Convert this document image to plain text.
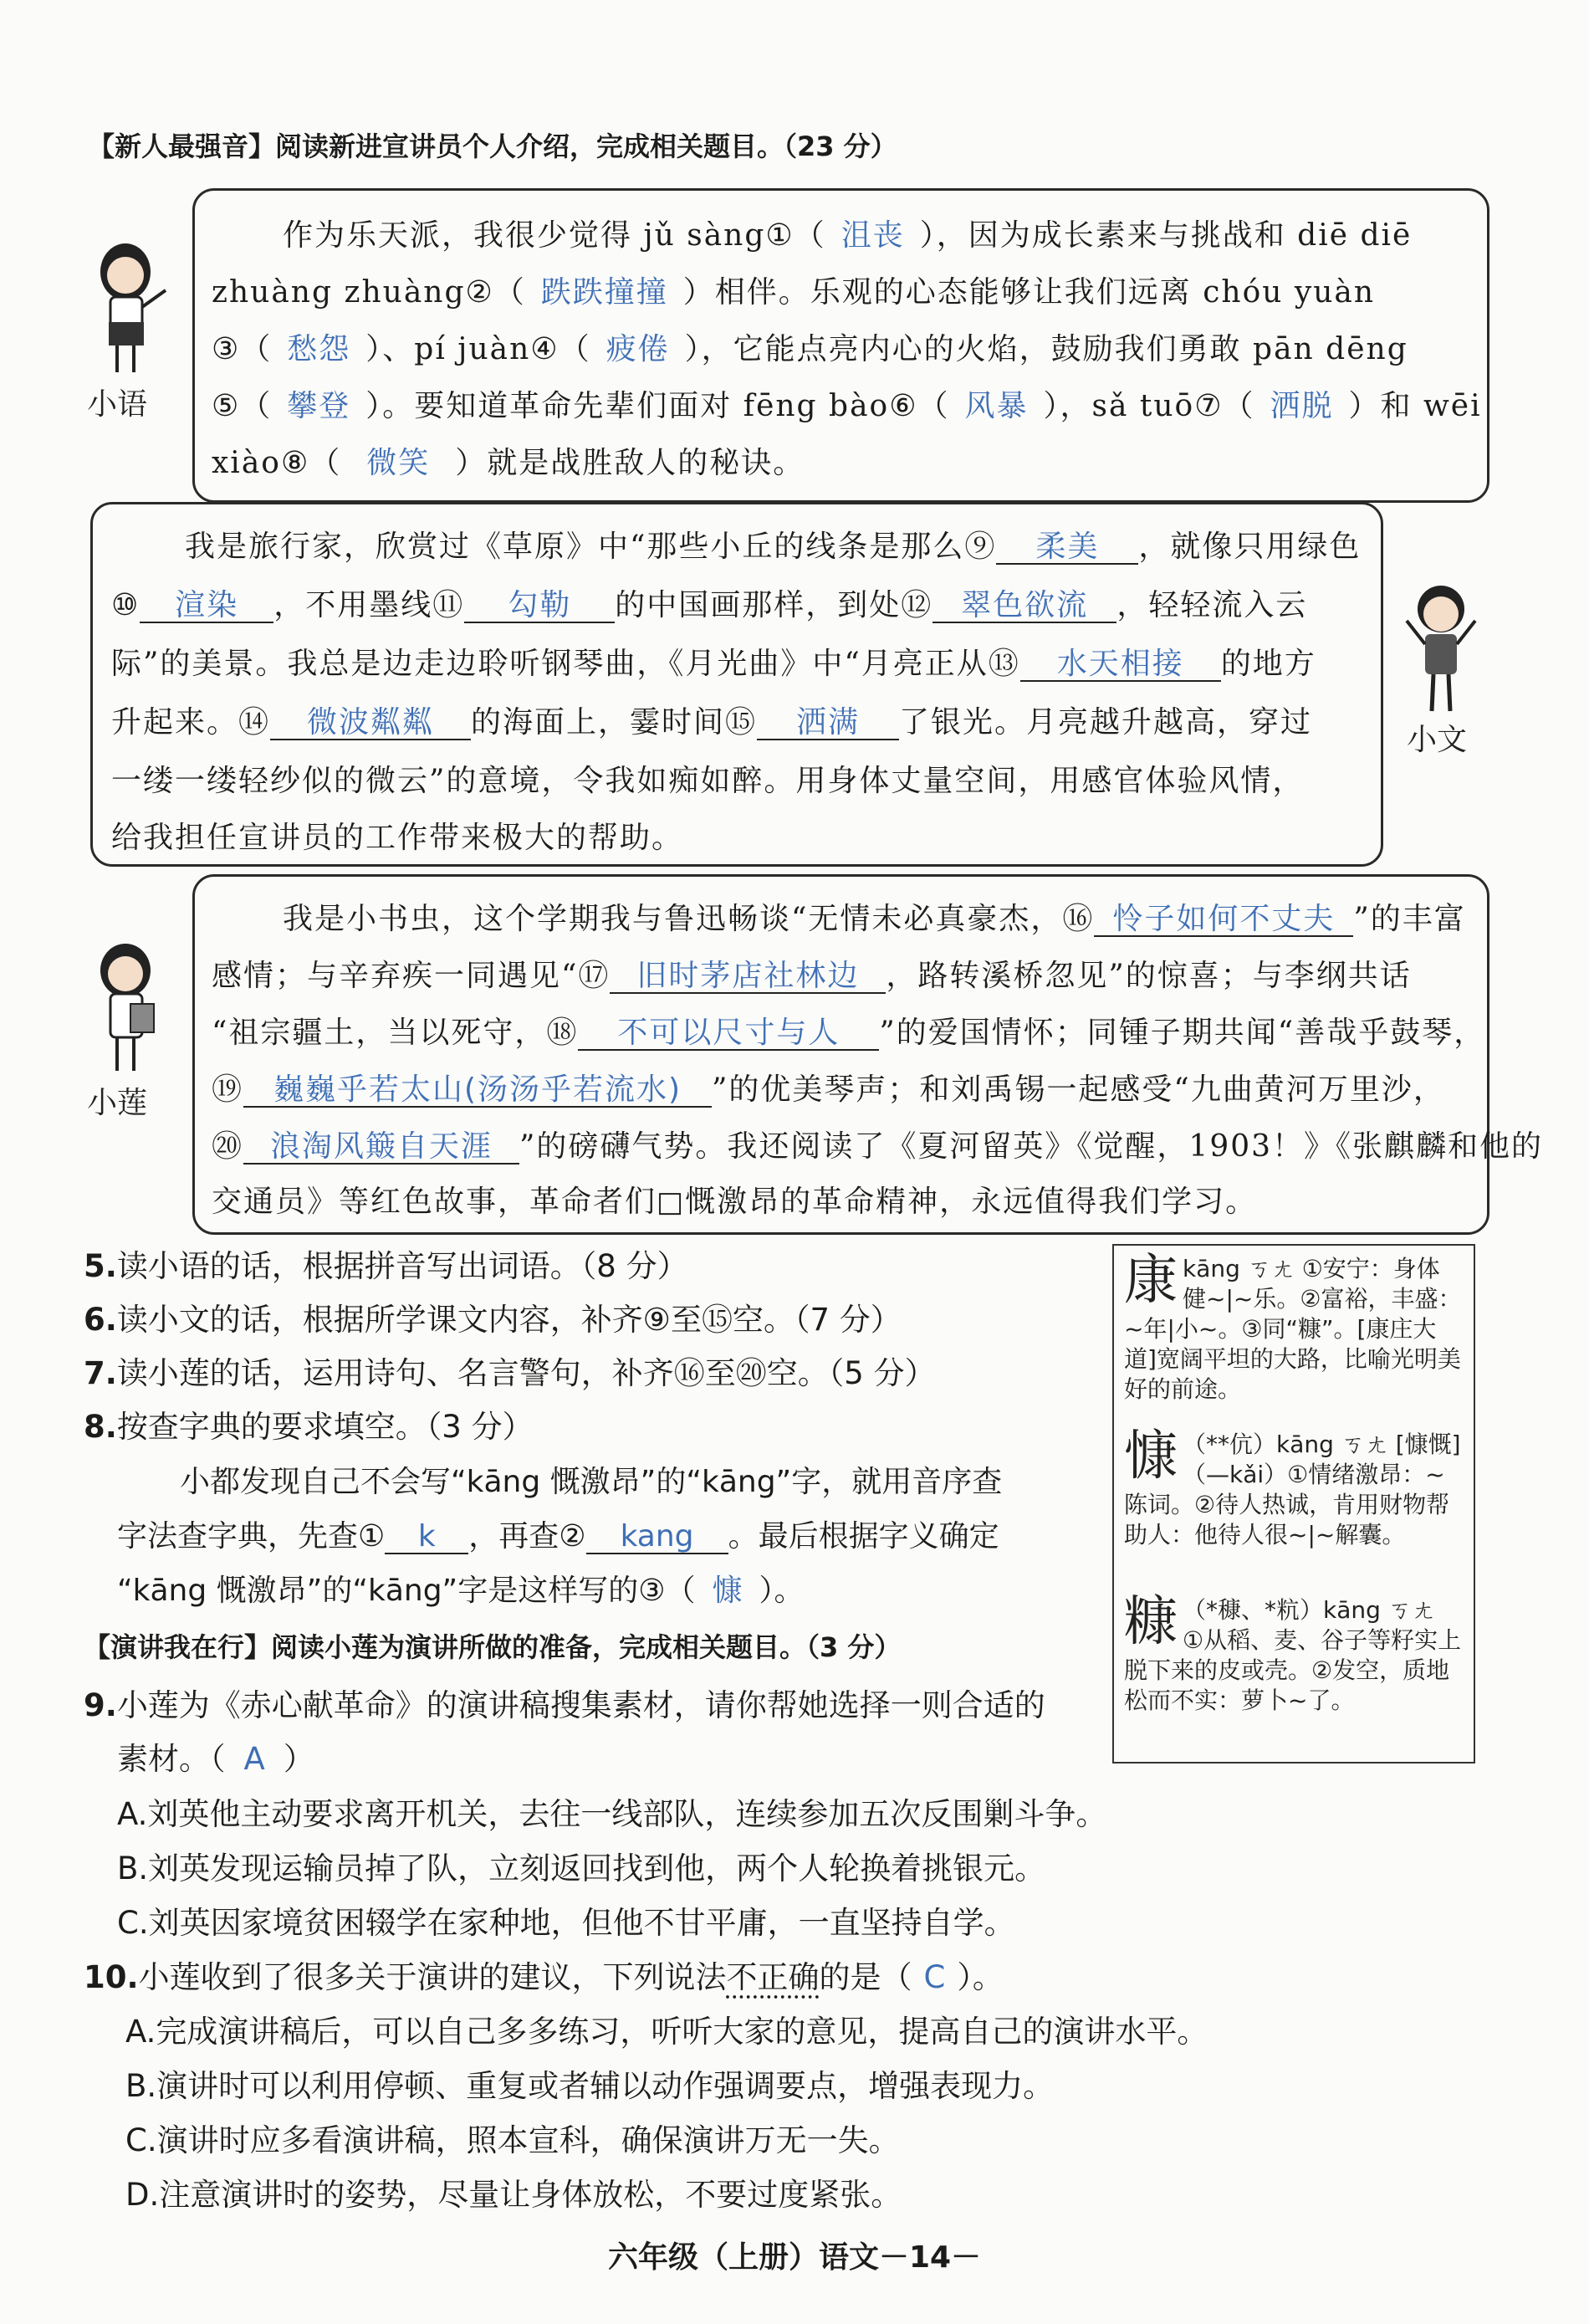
【新人最强音】阅读新进宣讲员个人介绍，完成相关题目。（23 分）
小语
作为乐天派，我很少觉得 jǔ sàng①（ 沮丧 ），因为成长素来与挑战和 diē diē
zhuàng zhuàng②（ 跌跌撞撞 ）相伴。乐观的心态能够让我们远离 chóu yuàn
③（ 愁怨 ）、pí juàn④（ 疲倦 ），它能点亮内心的火焰，鼓励我们勇敢 pān dēng
⑤（ 攀登 ）。要知道革命先辈们面对 fēng bào⑥（ 风暴 ），sǎ tuō⑦（ 洒脱 ）和 wēi
xiào⑧（ 微笑 ）就是战胜敌人的秘诀。
我是旅行家，欣赏过《草原》中“那些小丘的线条是那么⑨ 柔美 ，就像只用绿色
⑩ 渲染 ，不用墨线⑪ 勾勒 的中国画那样，到处⑫ 翠色欲流 ，轻轻流入云
际”的美景。我总是边走边聆听钢琴曲，《月光曲》中“月亮正从⑬ 水天相接 的地方
升起来。⑭ 微波粼粼 的海面上，霎时间⑮ 洒满 了银光。月亮越升越高，穿过
一缕一缕轻纱似的微云”的意境，令我如痴如醉。用身体丈量空间，用感官体验风情，
给我担任宣讲员的工作带来极大的帮助。
小文
小莲
我是小书虫，这个学期我与鲁迅畅谈“无情未必真豪杰，⑯ 怜子如何不丈夫 ”的丰富
感情；与辛弃疾一同遇见“⑰ 旧时茅店社林边 ，路转溪桥忽见”的惊喜；与李纲共话
“祖宗疆土，当以死守，⑱ 不可以尺寸与人 ”的爱国情怀；同锺子期共闻“善哉乎鼓琴，
⑲ 巍巍乎若太山(汤汤乎若流水) ”的优美琴声；和刘禹锡一起感受“九曲黄河万里沙，
⑳ 浪淘风簸自天涯 ”的磅礴气势。我还阅读了《夏河留英》《觉醒，1903！》《张麒麟和他的
交通员》等红色故事，革命者们□慨激昂的革命精神，永远值得我们学习。
5.读小语的话，根据拼音写出词语。（8 分）
6.读小文的话，根据所学课文内容，补齐⑨至⑮空。（7 分）
7.读小莲的话，运用诗句、名言警句，补齐⑯至⑳空。（5 分）
8.按查字典的要求填空。（3 分）
小都发现自己不会写“kāng 慨激昂”的“kāng”字，就用音序查
字法查字典，先查① k ，再查② kang 。最后根据字义确定
“kāng 慨激昂”的“kāng”字是这样写的③（ 慷 ）。
康kāng ㄎㄤ ①安宁：身体健~|~乐。②富裕，丰盛：~年|小~。③同“糠”。[康庄大道]宽阔平坦的大路，比喻光明美好的前途。
慷 （**伉）kāng ㄎㄤ [慷慨]（—kǎi）①情绪激昂：~陈词。②待人热诚，肯用财物帮助人：他待人很~|~解囊。
糠 （*穅、*粇）kāng ㄎㄤ ①从稻、麦、谷子等籽实上脱下来的皮或壳。②发空，质地松而不实：萝卜~了。
【演讲我在行】阅读小莲为演讲所做的准备，完成相关题目。（3 分）
9.小莲为《赤心献革命》的演讲稿搜集素材，请你帮她选择一则合适的
素材。（ A ）
A.刘英他主动要求离开机关，去往一线部队，连续参加五次反围剿斗争。
B.刘英发现运输员掉了队，立刻返回找到他，两个人轮换着挑银元。
C.刘英因家境贫困辍学在家种地，但他不甘平庸，一直坚持自学。
10.小莲收到了很多关于演讲的建议，下列说法不正确的是（ C ）。
A.完成演讲稿后，可以自己多多练习，听听大家的意见，提高自己的演讲水平。
B.演讲时可以利用停顿、重复或者辅以动作强调要点，增强表现力。
C.演讲时应多看演讲稿，照本宣科，确保演讲万无一失。
D.注意演讲时的姿势，尽量让身体放松，不要过度紧张。
六年级（上册）语文－14－
